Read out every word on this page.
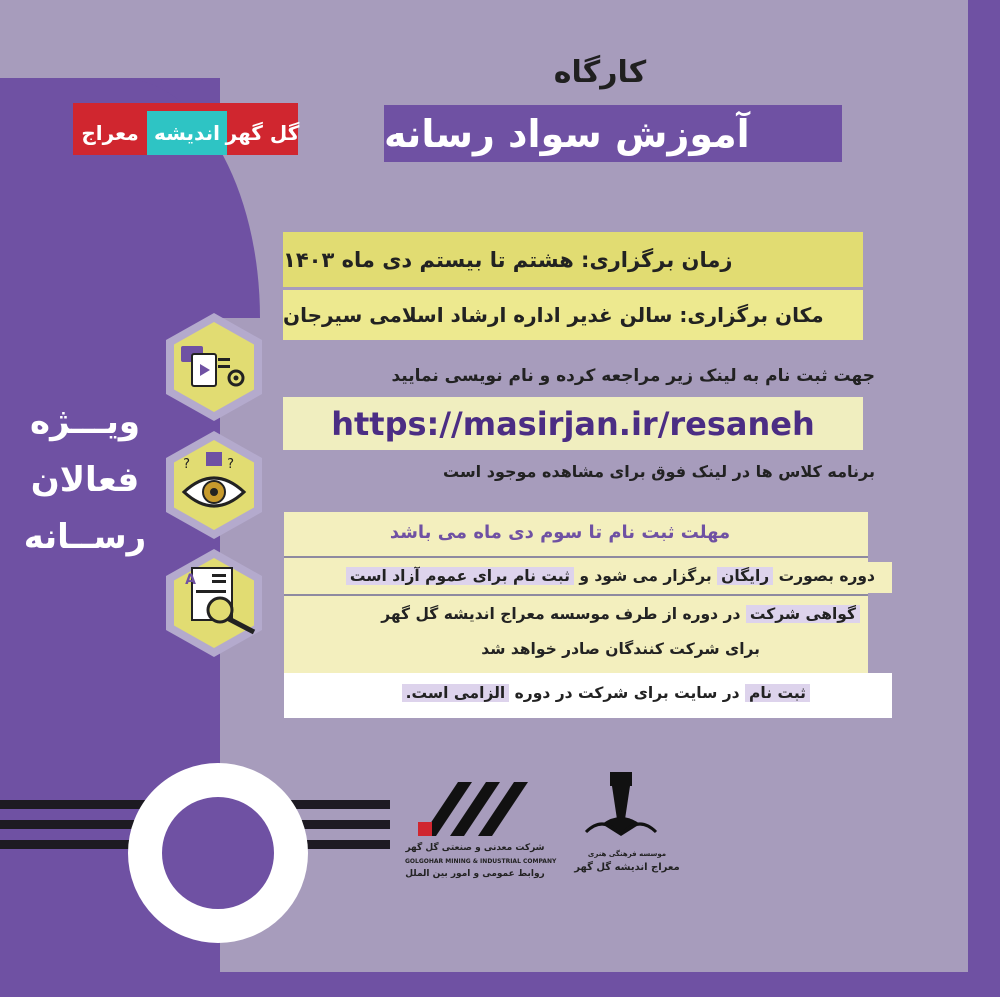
معراج اندیشه گل گهر
کارگاه
آموزش سواد رسانه
زمان برگزاری: هشتم تا بیستم دی ماه ۱۴۰۳
مکان برگزاری: سالن غدیر اداره ارشاد اسلامی سیرجان
جهت ثبت نام به لینک زیر مراجعه کرده و نام نویسی نمایید
https://masirjan.ir/resaneh
برنامه کلاس ها در لینک فوق برای مشاهده موجود است
مهلت ثبت نام تا سوم دی ماه می باشد
دوره بصورت رایگان برگزار می شود و ثبت نام برای عموم آزاد است
گواهی شرکت در دوره از طرف موسسه معراج اندیشه گل گهر
برای شرکت کنندگان صادر خواهد شد
ثبت نام در سایت برای شرکت در دوره الزامی است.
?	?
A
ویـــژه
فعالان
رســانه
شرکت معدنی و صنعتی گل گهر
GOLGOHAR MINING & INDUSTRIAL COMPANY
روابط عمومی و امور بین الملل
موسسه فرهنگی هنری
معراج اندیشه گل گهر
